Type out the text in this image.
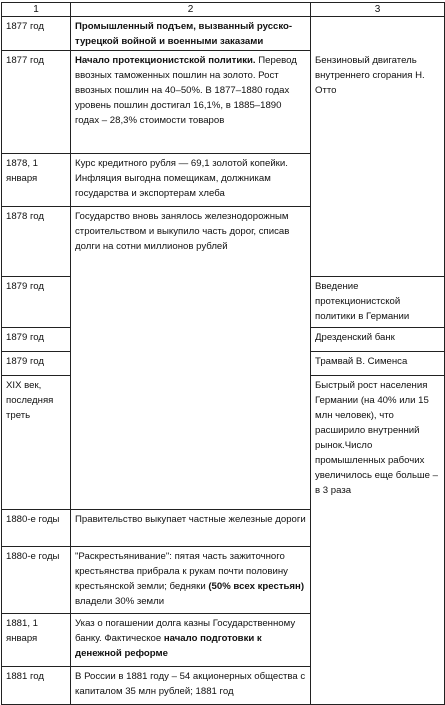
1	2	3
1877 год	Промышленный подъем, вызванный русско-турецкой войной и военными заказами	
1877 год	Начало протекционистской политики. Перевод ввозных таможенных пошлин на золото. Рост ввозных пошлин на 40–50%. В 1877–1880 годах уровень пошлин достигал 16,1%, в 1885–1890 годах – 28,3% стоимости товаров	Бензиновый двигатель внутреннего сгорания Н. Отто
1878, 1 января	Курс кредитного рубля — 69,1 золотой копейки. Инфляция выгодна помещикам, должникам государства и экспортерам хлеба	
1878 год	Государство вновь занялось железнодорожным строительством и выкупило часть дорог, списав долги на сотни миллионов рублей	
1879 год		Введение протекционистской политики в Германии
1879 год		Дрезденский банк
1879 год		Трамвай В. Сименса
XIX век, последняя треть		Быстрый рост населения Германии (на 40% или 15 млн человек), что расширило внутренний рынок.Число промышленных рабочих увеличилось еще больше – в 3 раза
1880-е годы	Правительство выкупает частные железные дороги	
1880-е годы	"Раскрестьянивание": пятая часть зажиточного крестьянства прибрала к рукам почти половину крестьянской земли; бедняки (50% всех крестьян) владели 30% земли	
1881, 1 января	Указ о погашении долга казны Государственному банку. Фактическое начало подготовки к денежной реформе	
1881 год	В России в 1881 году – 54 акционерных общества с капиталом 35 млн рублей; 1881 год	
